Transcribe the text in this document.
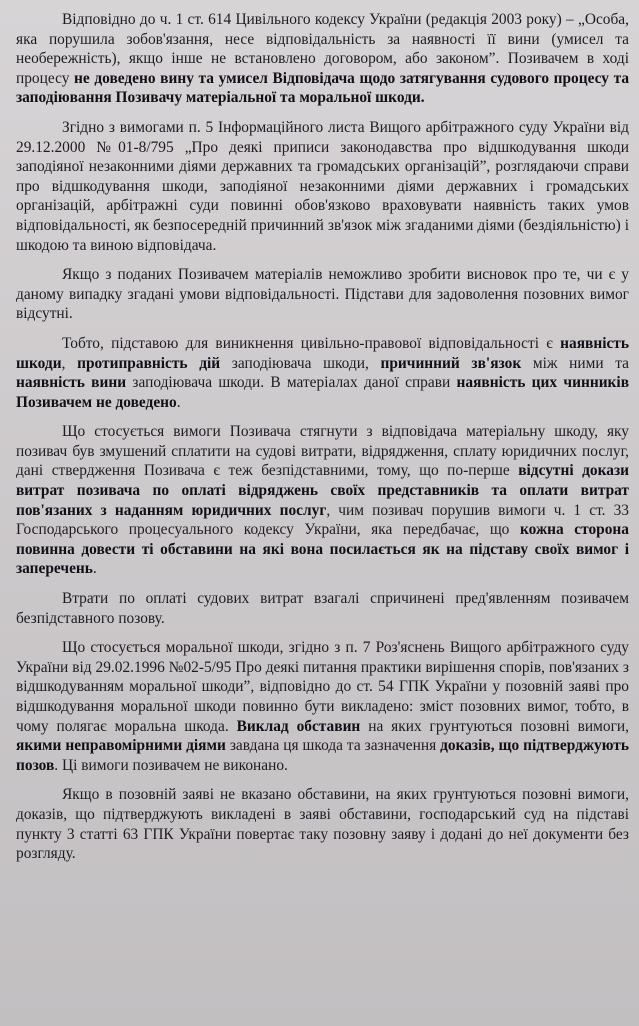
Відповідно до ч. 1 ст. 614 Цивільного кодексу України (редакція 2003 року) – „Особа, яка порушила зобов'язання, несе відповідальність за наявності її вини (умисел та необережність), якщо інше не встановлено договором, або законом”. Позивачем в ході процесу не доведено вину та умисел Відповідача щодо затягування судового процесу та заподіювання Позивачу матеріальної та моральної шкоди.

Згідно з вимогами п. 5 Інформаційного листа Вищого арбітражного суду України від 29.12.2000 №01-8/795 „Про деякі приписи законодавства про відшкодування шкоди заподіяної незаконними діями державних та громадських організацій”, розглядаючи справи про відшкодування шкоди, заподіяної незаконними діями державних і громадських організацій, арбітражні суди повинні обов'язково враховувати наявність таких умов відповідальності, як безпосередній причинний зв'язок між згаданими діями (бездіяльністю) і шкодою та виною відповідача.

Якщо з поданих Позивачем матеріалів неможливо зробити висновок про те, чи є у даному випадку згадані умови відповідальності. Підстави для задоволення позовних вимог відсутні.

Тобто, підставою для виникнення цивільно-правової відповідальності є наявність шкоди, протиправність дій заподіювача шкоди, причинний зв'язок між ними та наявність вини заподіювача шкоди. В матеріалах даної справи наявність цих чинників Позивачем не доведено.

Що стосується вимоги Позивача стягнути з відповідача матеріальну шкоду, яку позивач був змушений сплатити на судові витрати, відрядження, сплату юридичних послуг, дані ствердження Позивача є теж безпідставними, тому, що по-перше відсутні докази витрат позивача по оплаті відряджень своїх представників та оплати витрат пов'язаних з наданням юридичних послуг, чим позивач порушив вимоги ч. 1 ст. 33 Господарського процесуального кодексу України, яка передбачає, що кожна сторона повинна довести ті обставини на які вона посилається як на підставу своїх вимог і заперечень.

Втрати по оплаті судових витрат взагалі спричинені пред'явленням позивачем безпідставного позову.

Що стосується моральної шкоди, згідно з п. 7 Роз'яснень Вищого арбітражного суду України від 29.02.1996 №02-5/95 Про деякі питання практики вирішення спорів, пов'язаних з відшкодуванням моральної шкоди”, відповідно до ст. 54 ГПК України у позовній заяві про відшкодування моральної шкоди повинно бути викладено: зміст позовних вимог, тобто, в чому полягає моральна шкода. Виклад обставин на яких грунтуються позовні вимоги, якими неправомірними діями завдана ця шкода та зазначення доказів, що підтверджують позов. Ці вимоги позивачем не виконано.

Якщо в позовній заяві не вказано обставини, на яких грунтуються позовні вимоги, доказів, що підтверджують викладені в заяві обставини, господарський суд на підставі пункту 3 статті 63 ГПК України повертає таку позовну заяву і додані до неї документи без розгляду.
